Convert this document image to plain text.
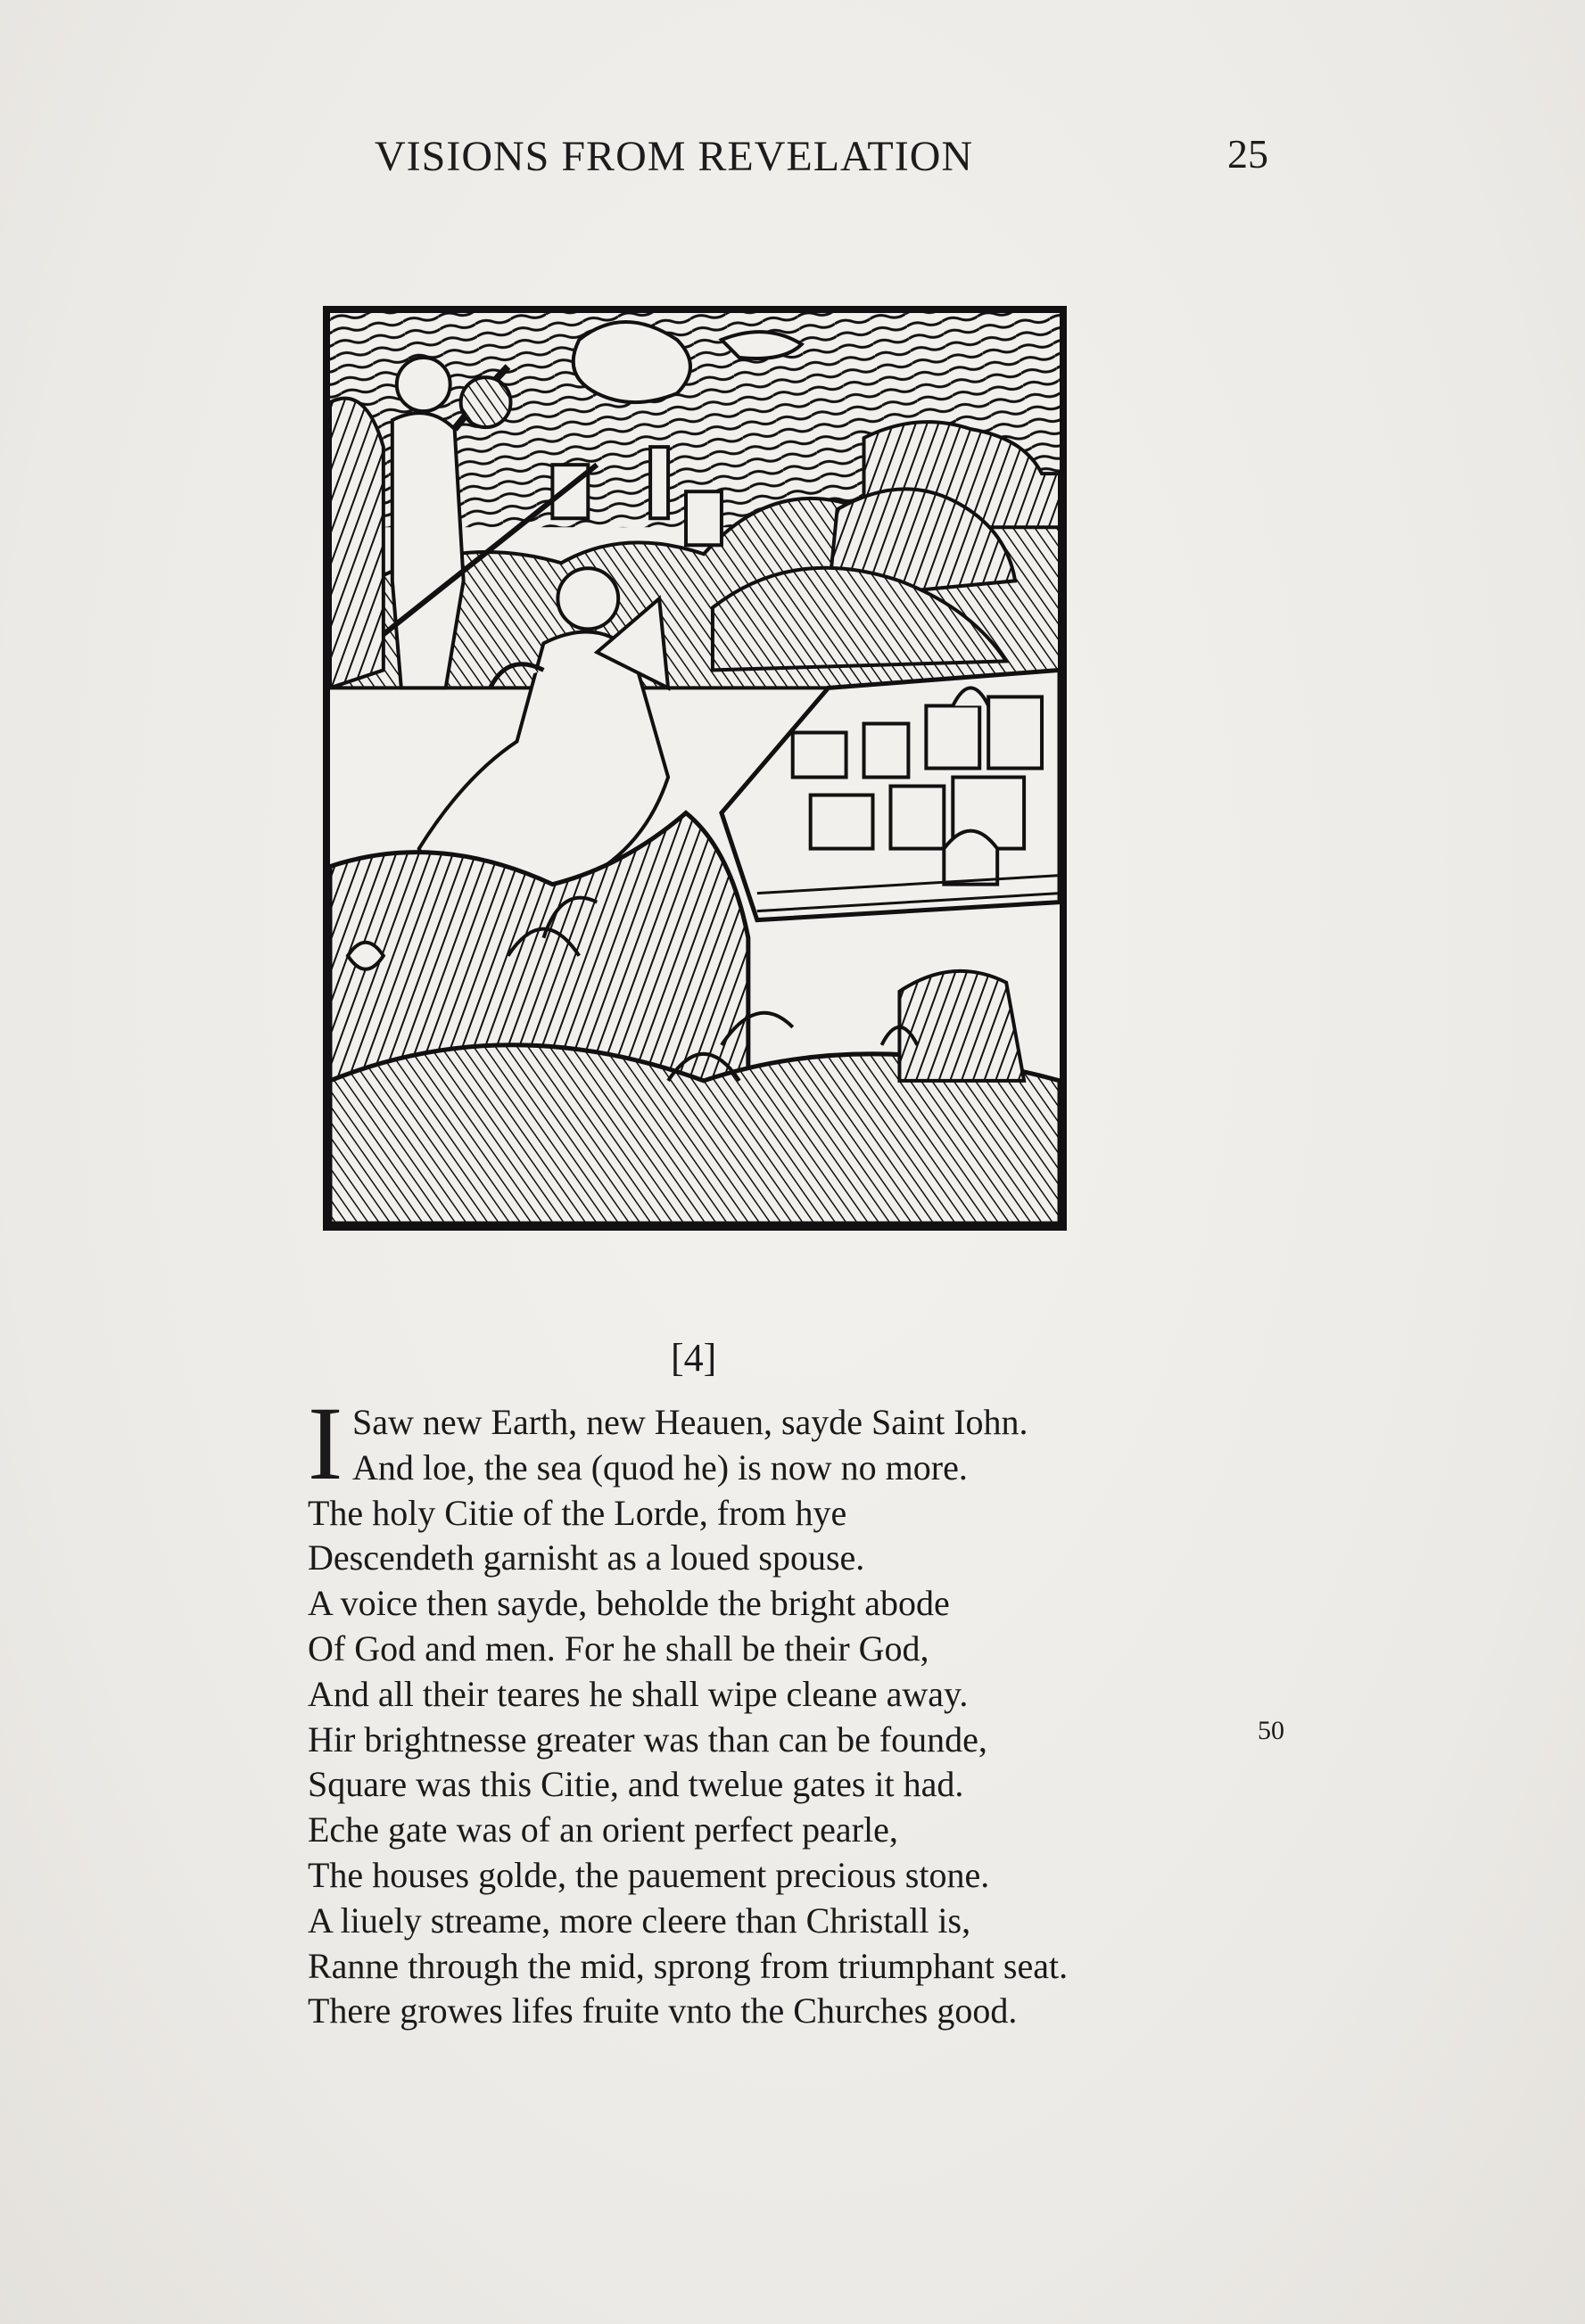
VISIONS FROM REVELATION	25
[4]
I Saw new Earth, new Heauen, sayde Saint Iohn.
And loe, the sea (quod he) is now no more.
The holy Citie of the Lorde, from hye
Descendeth garnisht as a loued spouse.
A voice then sayde, beholde the bright abode
Of God and men. For he shall be their God,
And all their teares he shall wipe cleane away.
Hir brightnesse greater was than can be founde,
Square was this Citie, and twelue gates it had.
Eche gate was of an orient perfect pearle,
The houses golde, the pauement precious stone.
A liuely streame, more cleere than Christall is,
Ranne through the mid, sprong from triumphant seat.
There growes lifes fruite vnto the Churches good.
50
